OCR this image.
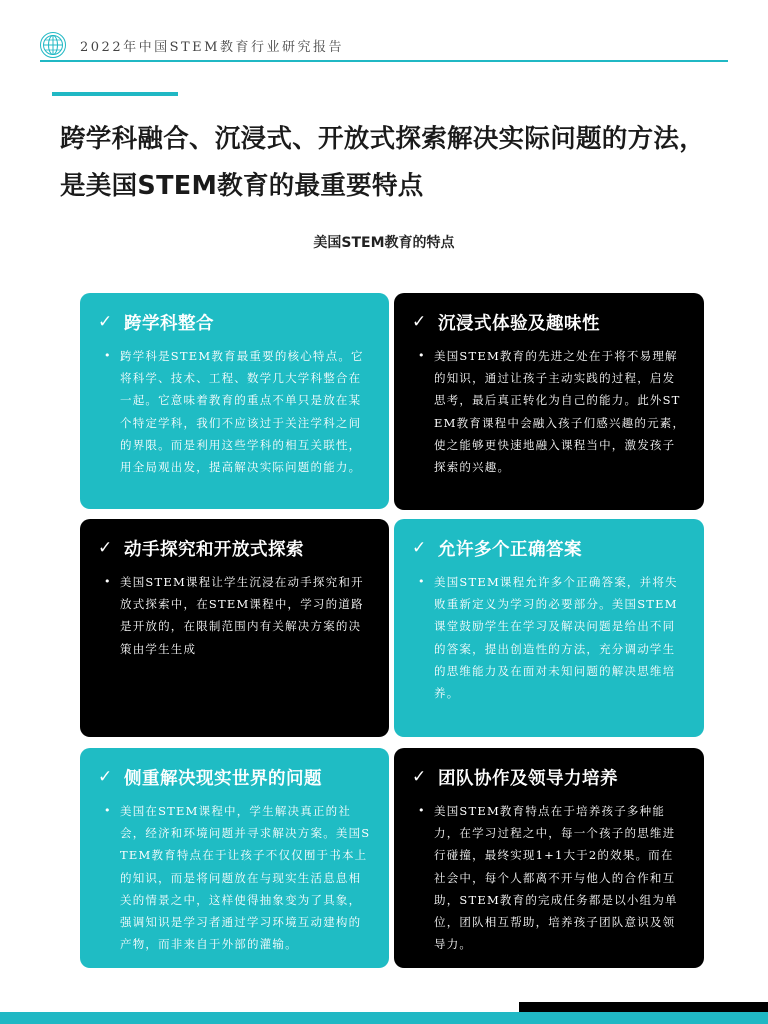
2022年中国STEM教育行业研究报告
跨学科融合、沉浸式、开放式探索解决实际问题的方法，是美国STEM教育的最重要特点
美国STEM教育的特点
✓ 跨学科整合
• 跨学科是STEM教育最重要的核心特点。它将科学、技术、工程、数学几大学科整合在一起。它意味着教育的重点不单只是放在某个特定学科，我们不应该过于关注学科之间的界限。而是利用这些学科的相互关联性，用全局观出发，提高解决实际问题的能力。
✓ 沉浸式体验及趣味性
• 美国STEM教育的先进之处在于将不易理解的知识，通过让孩子主动实践的过程，启发思考，最后真正转化为自己的能力。此外STEM教育课程中会融入孩子们感兴趣的元素，使之能够更快速地融入课程当中，激发孩子探索的兴趣。
✓ 动手探究和开放式探索
• 美国STEM课程让学生沉浸在动手探究和开放式探索中，在STEM课程中，学习的道路是开放的，在限制范围内有关解决方案的决策由学生生成
✓ 允许多个正确答案
• 美国STEM课程允许多个正确答案，并将失败重新定义为学习的必要部分。美国STEM课堂鼓励学生在学习及解决问题是给出不同的答案，提出创造性的方法，充分调动学生的思维能力及在面对未知问题的解决思维培养。
✓ 侧重解决现实世界的问题
• 美国在STEM课程中，学生解决真正的社会，经济和环境问题并寻求解决方案。美国STEM教育特点在于让孩子不仅仅囿于书本上的知识，而是将问题放在与现实生活息息相关的情景之中，这样使得抽象变为了具象，强调知识是学习者通过学习环境互动建构的产物，而非来自于外部的灌输。
✓ 团队协作及领导力培养
• 美国STEM教育特点在于培养孩子多种能力，在学习过程之中，每一个孩子的思维进行碰撞，最终实现1+1大于2的效果。而在社会中，每个人都离不开与他人的合作和互助，STEM教育的完成任务都是以小组为单位，团队相互帮助，培养孩子团队意识及领导力。
